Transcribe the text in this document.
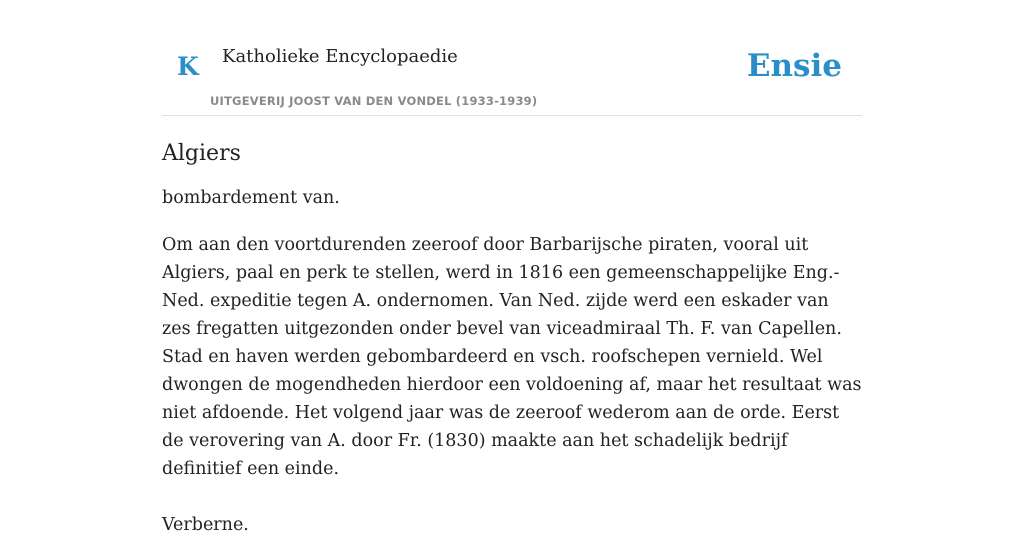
K Katholieke Encyclopaedie
UITGEVERIJ JOOST VAN DEN VONDEL (1933-1939)
Ensie
Algiers

bombardement van.

Om aan den voortdurenden zeeroof door Barbarijsche piraten, vooral uit Algiers, paal en perk te stellen, werd in 1816 een gemeenschappelijke Eng.-Ned. expeditie tegen A. ondernomen. Van Ned. zijde werd een eskader van zes fregatten uitgezonden onder bevel van viceadmiraal Th. F. van Capellen. Stad en haven werden gebombardeerd en vsch. roofschepen vernield. Wel dwongen de mogendheden hierdoor een voldoening af, maar het resultaat was niet afdoende. Het volgend jaar was de zeeroof wederom aan de orde. Eerst de verovering van A. door Fr. (1830) maakte aan het schadelijk bedrijf definitief een einde.

Verberne.
